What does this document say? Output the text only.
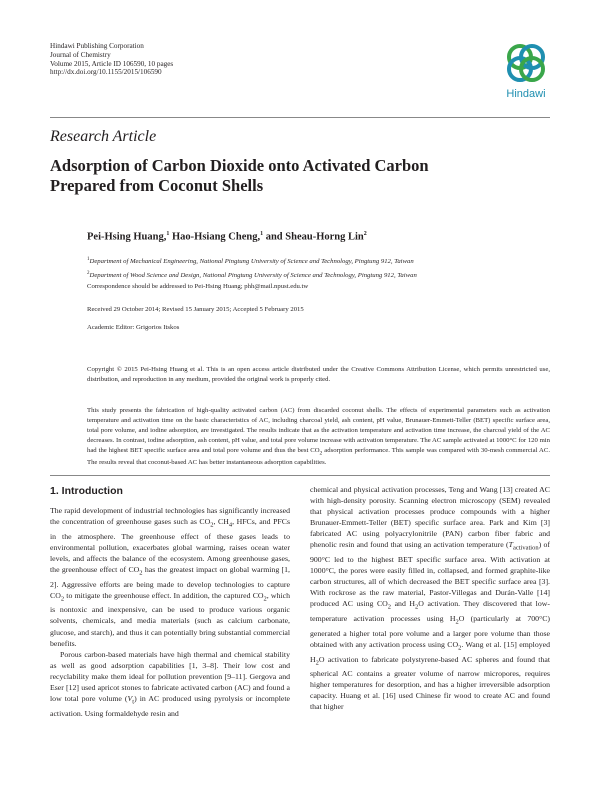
Hindawi Publishing Corporation
Journal of Chemistry
Volume 2015, Article ID 106590, 10 pages
http://dx.doi.org/10.1155/2015/106590
Hindawi
Research Article
Adsorption of Carbon Dioxide onto Activated Carbon
Prepared from Coconut Shells
Pei-Hsing Huang,$^1$ Hao-Hsiang Cheng,$^1$ and Sheau-Horng Lin$^2$
$^1$Department of Mechanical Engineering, National Pingtung University of Science and Technology, Pingtung 912, Taiwan
$^2$Department of Wood Science and Design, National Pingtung University of Science and Technology, Pingtung 912, Taiwan
Correspondence should be addressed to Pei-Hsing Huang; phh@mail.npust.edu.tw
Received 29 October 2014; Revised 15 January 2015; Accepted 5 February 2015
Academic Editor: Grigorios Itskos
Copyright © 2015 Pei-Hsing Huang et al. This is an open access article distributed under the Creative Commons Attribution License, which permits unrestricted use, distribution, and reproduction in any medium, provided the original work is properly cited.
This study presents the fabrication of high-quality activated carbon (AC) from discarded coconut shells. The effects of experimental parameters such as activation temperature and activation time on the basic characteristics of AC, including charcoal yield, ash content, pH value, Brunauer-Emmett-Teller (BET) specific surface area, total pore volume, and iodine adsorption, are investigated. The results indicate that as the activation temperature and activation time increase, the charcoal yield of the AC decreases. In contrast, iodine adsorption, ash content, pH value, and total pore volume increase with activation temperature. The AC sample activated at 1000°C for 120 min had the highest BET specific surface area and total pore volume and thus the best $CO_2$ adsorption performance. This sample was compared with 30-mesh commercial AC. The results reveal that coconut-based AC has better instantaneous adsorption capabilities.
1. Introduction

The rapid development of industrial technologies has significantly increased the concentration of greenhouse gases such as $CO_2$, $CH_4$, HFCs, and PFCs in the atmosphere. The greenhouse effect of these gases leads to environmental pollution, exacerbates global warming, raises ocean water levels, and affects the balance of the ecosystem. Among greenhouse gases, the greenhouse effect of $CO_2$ has the greatest impact on global warming [1, 2]. Aggressive efforts are being made to develop technologies to capture $CO_2$ to mitigate the greenhouse effect. In addition, the captured $CO_2$, which is nontoxic and inexpensive, can be used to produce various organic solvents, chemicals, and media materials (such as calcium carbonate, glucose, and starch), and thus it can potentially bring substantial commercial benefits.

Porous carbon-based materials have high thermal and chemical stability as well as good adsorption capabilities [1, 3–8]. Their low cost and recyclability make them ideal for pollution prevention [9–11]. Gergova and Eser [12] used apricot stones to fabricate activated carbon (AC) and found a low total pore volume $(V_t)$ in AC produced using pyrolysis or incomplete activation. Using formaldehyde resin and

chemical and physical activation processes, Teng and Wang [13] created AC with high-density porosity. Scanning electron microscopy (SEM) revealed that physical activation processes produce compounds with a higher Brunauer-Emmett-Teller (BET) specific surface area. Park and Kim [3] fabricated AC using polyacrylonitrile (PAN) carbon fiber fabric and phenolic resin and found that using an activation temperature $(T_{activation})$ of 900°C led to the highest BET specific surface area. With activation at 1000°C, the pores were easily filled in, collapsed, and formed graphite-like carbon structures, all of which decreased the BET specific surface area [3]. With rockrose as the raw material, Pastor-Villegas and Durán-Valle [14] produced AC using $CO_2$ and $H_2O$ activation. They discovered that low-temperature activation processes using $H_2O$ (particularly at 700°C) generated a higher total pore volume and a larger pore volume than those obtained with any activation process using $CO_2$. Wang et al. [15] employed $H_2O$ activation to fabricate polystyrene-based AC spheres and found that spherical AC contains a greater volume of narrow micropores, requires higher temperatures for desorption, and has a higher irreversible adsorption capacity. Huang et al. [16] used Chinese fir wood to create AC and found that higher
